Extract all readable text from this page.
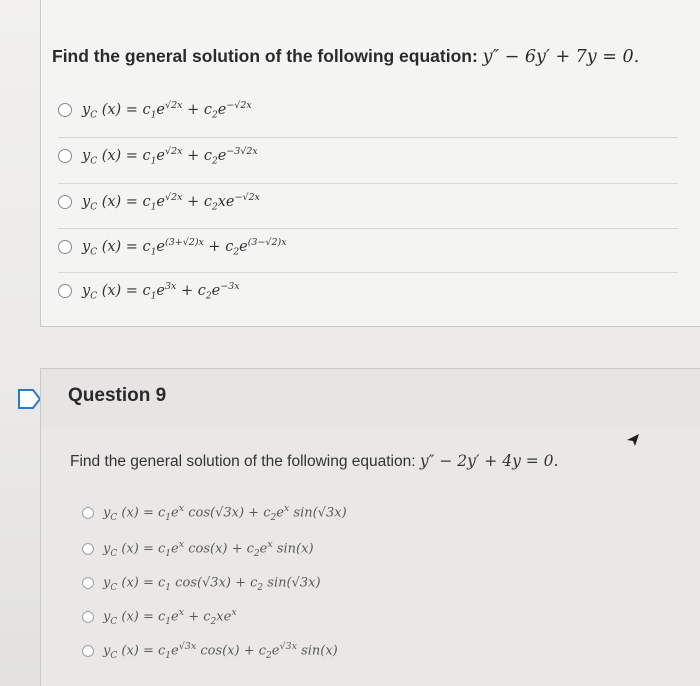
Find the general solution of the following equation: y″ − 6y′ + 7y = 0.
$y_C$ $(x) = c_1e^{√2x} + c_2e^{-√2x}$
$y_C$ $(x) = c_1e^{√2x} + c_2e^{-3√2x}$
$y_C$ $(x) = c_1e^{√2x} + c_2xe^{-√2x}$
$y_C$ $(x) = c_1e^{(3+√2)x} + c_2e^{(3-√2)x}$
$y_C$ $(x) = c_1e^{3x} + c_2e^{-3x}$
Question 9
Find the general solution of the following equation: y″ − 2y′ + 4y = 0.
$y_C$ $(x) = c_1e^x$ $\cos(√3x) + c_2e^x$ sin(√3x)
$y_C$ $(x) = c_1e^x$ $\cos(x) + c_2e^x$ sin(x)
$y_C$ $(x) = c_1$ $\cos(√3x) + c_2$ sin(√3x)
$y_C$ $(x) = c_1e^x + c_2xe^x$
$y_C$ $(x) = c_1e^{√3x}$ $\cos(x) + c_2e^{√3x}$ sin(x)
